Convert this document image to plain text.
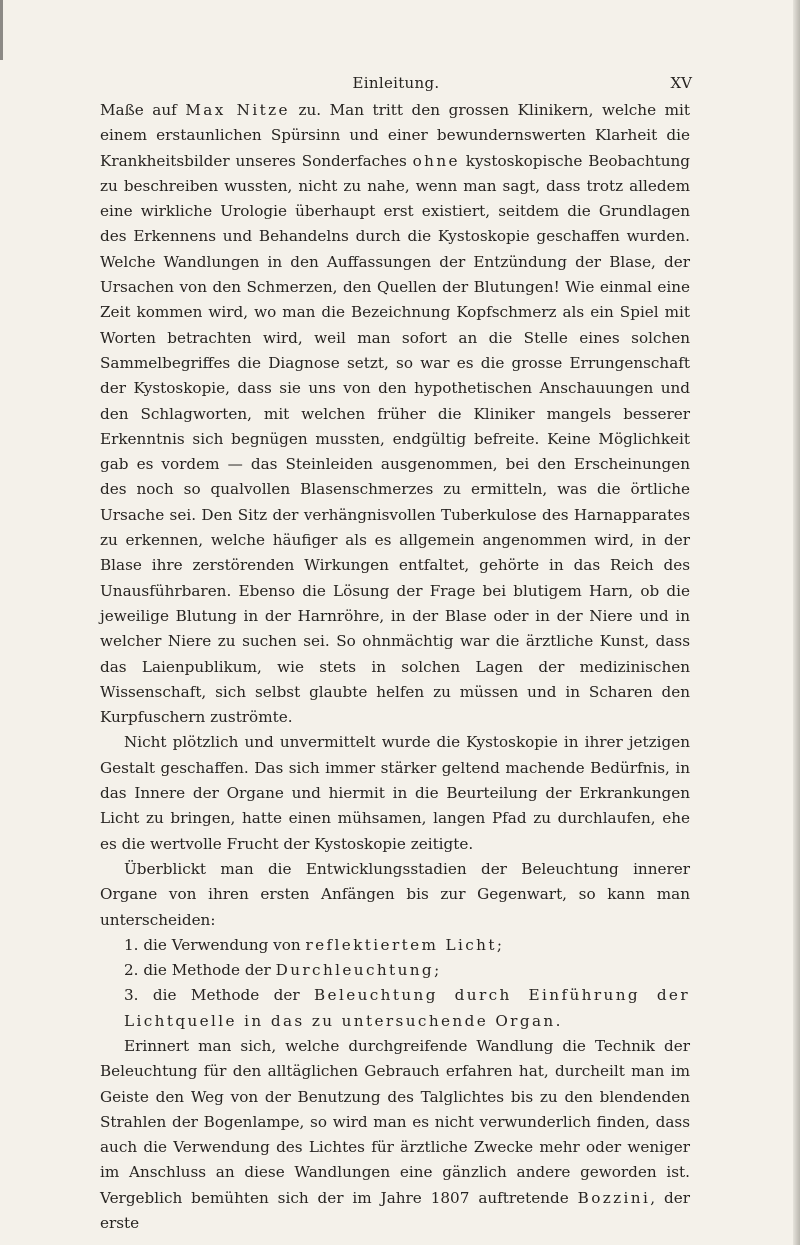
Einleitung.	XV

Maße auf Max Nitze zu. Man tritt den grossen Klinikern, welche mit einem erstaunlichen Spürsinn und einer bewundernswerten Klarheit die Krankheitsbilder unseres Sonderfaches ohne kystoskopische Beobachtung zu beschreiben wussten, nicht zu nahe, wenn man sagt, dass trotz alledem eine wirkliche Urologie überhaupt erst existiert, seitdem die Grundlagen des Erkennens und Behandelns durch die Kystoskopie geschaffen wurden. Welche Wandlungen in den Auffassungen der Entzündung der Blase, der Ursachen von den Schmerzen, den Quellen der Blutungen! Wie einmal eine Zeit kommen wird, wo man die Bezeichnung Kopfschmerz als ein Spiel mit Worten betrachten wird, weil man sofort an die Stelle eines solchen Sammelbegriffes die Diagnose setzt, so war es die grosse Errungenschaft der Kystoskopie, dass sie uns von den hypothetischen Anschauungen und den Schlagworten, mit welchen früher die Kliniker mangels besserer Erkenntnis sich begnügen mussten, endgültig befreite. Keine Möglichkeit gab es vordem — das Steinleiden ausgenommen, bei den Erscheinungen des noch so qualvollen Blasenschmerzes zu ermitteln, was die örtliche Ursache sei. Den Sitz der verhängnisvollen Tuberkulose des Harnapparates zu erkennen, welche häufiger als es allgemein angenommen wird, in der Blase ihre zerstörenden Wirkungen entfaltet, gehörte in das Reich des Unausführbaren. Ebenso die Lösung der Frage bei blutigem Harn, ob die jeweilige Blutung in der Harnröhre, in der Blase oder in der Niere und in welcher Niere zu suchen sei. So ohnmächtig war die ärztliche Kunst, dass das Laienpublikum, wie stets in solchen Lagen der medizinischen Wissenschaft, sich selbst glaubte helfen zu müssen und in Scharen den Kurpfuschern zuströmte.

Nicht plötzlich und unvermittelt wurde die Kystoskopie in ihrer jetzigen Gestalt geschaffen. Das sich immer stärker geltend machende Bedürfnis, in das Innere der Organe und hiermit in die Beurteilung der Erkrankungen Licht zu bringen, hatte einen mühsamen, langen Pfad zu durchlaufen, ehe es die wertvolle Frucht der Kystoskopie zeitigte.

Überblickt man die Entwicklungsstadien der Beleuchtung innerer Organe von ihren ersten Anfängen bis zur Gegenwart, so kann man unterscheiden:

1. die Verwendung von reflektiertem Licht;
2. die Methode der Durchleuchtung;
3. die Methode der Beleuchtung durch Einführung der Lichtquelle in das zu untersuchende Organ.

Erinnert man sich, welche durchgreifende Wandlung die Technik der Beleuchtung für den alltäglichen Gebrauch erfahren hat, durcheilt man im Geiste den Weg von der Benutzung des Talglichtes bis zu den blendenden Strahlen der Bogenlampe, so wird man es nicht verwunderlich finden, dass auch die Verwendung des Lichtes für ärztliche Zwecke mehr oder weniger im Anschluss an diese Wandlungen eine gänzlich andere geworden ist. Vergeblich bemühten sich der im Jahre 1807 auftretende Bozzini, der erste
